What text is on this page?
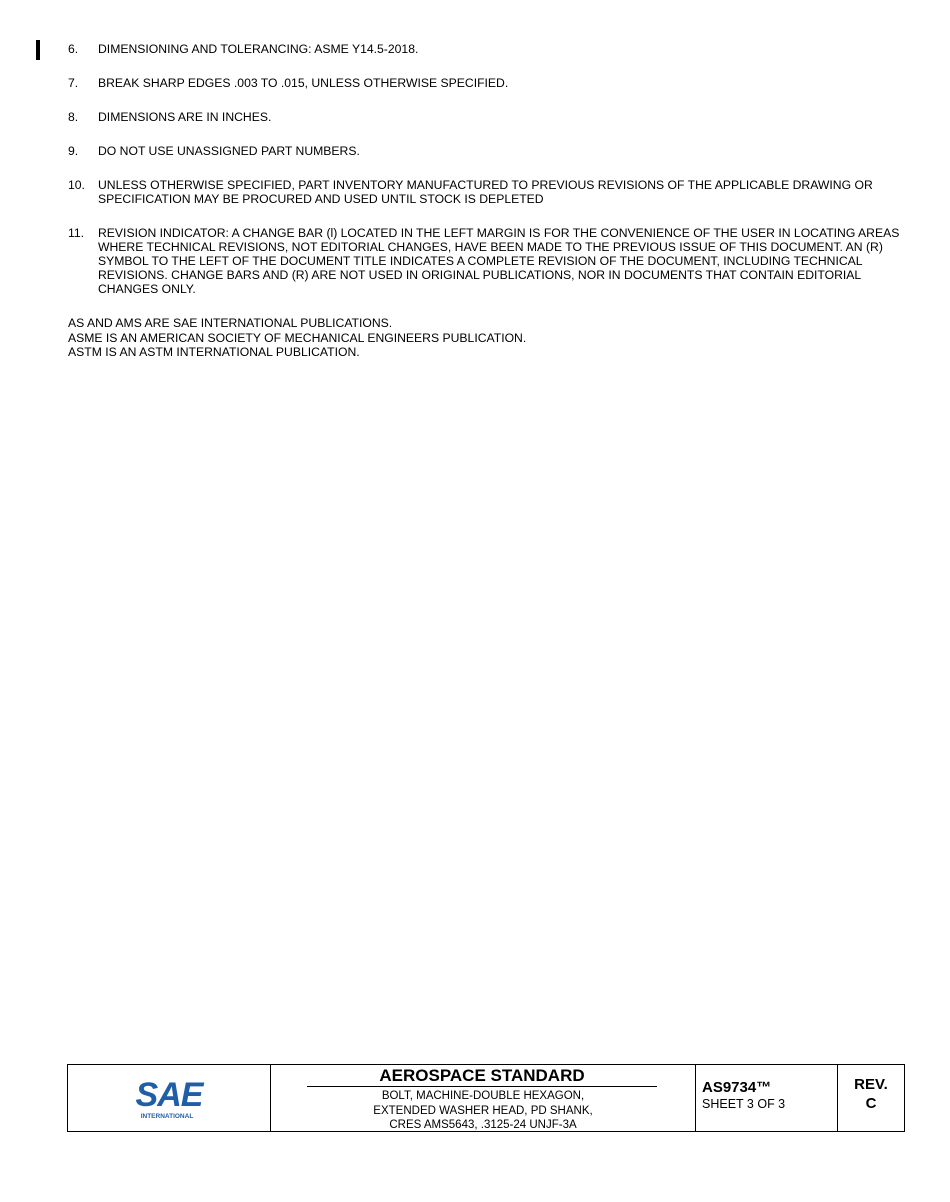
6.	DIMENSIONING AND TOLERANCING: ASME Y14.5-2018.
7.	BREAK SHARP EDGES .003 TO .015, UNLESS OTHERWISE SPECIFIED.
8.	DIMENSIONS ARE IN INCHES.
9.	DO NOT USE UNASSIGNED PART NUMBERS.
10.	UNLESS OTHERWISE SPECIFIED, PART INVENTORY MANUFACTURED TO PREVIOUS REVISIONS OF THE APPLICABLE DRAWING OR SPECIFICATION MAY BE PROCURED AND USED UNTIL STOCK IS DEPLETED
11.	REVISION INDICATOR: A CHANGE BAR (l) LOCATED IN THE LEFT MARGIN IS FOR THE CONVENIENCE OF THE USER IN LOCATING AREAS WHERE TECHNICAL REVISIONS, NOT EDITORIAL CHANGES, HAVE BEEN MADE TO THE PREVIOUS ISSUE OF THIS DOCUMENT. AN (R) SYMBOL TO THE LEFT OF THE DOCUMENT TITLE INDICATES A COMPLETE REVISION OF THE DOCUMENT, INCLUDING TECHNICAL REVISIONS. CHANGE BARS AND (R) ARE NOT USED IN ORIGINAL PUBLICATIONS, NOR IN DOCUMENTS THAT CONTAIN EDITORIAL CHANGES ONLY.
AS AND AMS ARE SAE INTERNATIONAL PUBLICATIONS.
ASME IS AN AMERICAN SOCIETY OF MECHANICAL ENGINEERS PUBLICATION.
ASTM IS AN ASTM INTERNATIONAL PUBLICATION.
SAE
INTERNATIONAL
AEROSPACE STANDARD
BOLT, MACHINE-DOUBLE HEXAGON,
EXTENDED WASHER HEAD, PD SHANK,
CRES AMS5643, .3125-24 UNJF-3A
AS9734™
SHEET 3 OF 3
REV.
C
